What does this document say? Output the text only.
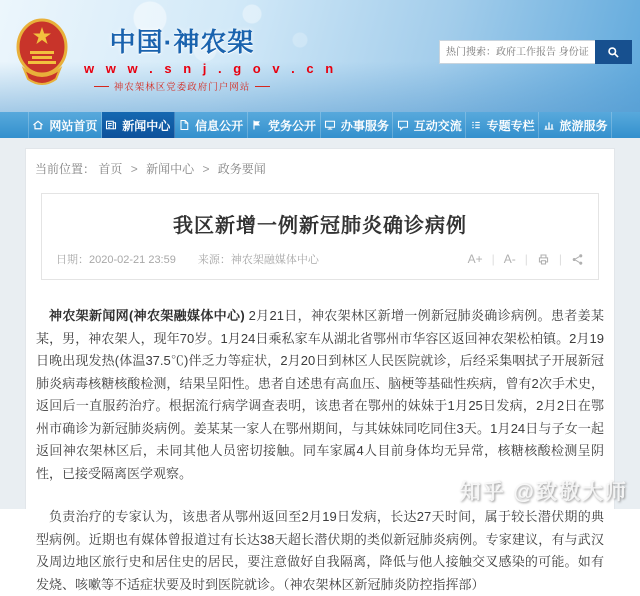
中国·神农架
w w w . s n j . g o v . c n
神农架林区党委政府门户网站
热门搜索：政府工作报告 身份证办理
网站首页 新闻中心 信息公开 党务公开 办事服务 互动交流 专题专栏 旅游服务
当前位置： 首页 > 新闻中心 > 政务要闻
我区新增一例新冠肺炎确诊病例
日期：2020-02-21 23:59 来源：神农架融媒体中心	A+ | A- |	|

神农架新闻网(神农架融媒体中心) 2月21日，神农架林区新增一例新冠肺炎确诊病例。患者姜某某，男，神农架人，现年70岁。1月24日乘私家车从湖北省鄂州市华容区返回神农架松柏镇。2月19日晚出现发热(体温37.5℃)伴乏力等症状，2月20日到林区人民医院就诊，后经采集咽拭子开展新冠肺炎病毒核糖核酸检测，结果呈阳性。患者自述患有高血压、脑梗等基础性疾病，曾有2次手术史，返回后一直服药治疗。根据流行病学调查表明，该患者在鄂州的妹妹于1月25日发病，2月2日在鄂州市确诊为新冠肺炎病例。姜某某一家人在鄂州期间，与其妹妹同吃同住3天。1月24日与子女一起返回神农架林区后，未同其他人员密切接触。同车家属4人目前身体均无异常，核糖核酸检测呈阴性，已接受隔离医学观察。

负责治疗的专家认为，该患者从鄂州返回至2月19日发病，长达27天时间，属于较长潜伏期的典型病例。近期也有媒体曾报道过有长达38天超长潜伏期的类似新冠肺炎病例。专家建议，有与武汉及周边地区旅行史和居住史的居民，要注意做好自我隔离，降低与他人接触交叉感染的可能。如有发烧、咳嗽等不适症状要及时到医院就诊。（神农架林区新冠肺炎防控指挥部）

知乎 @致敬大师
